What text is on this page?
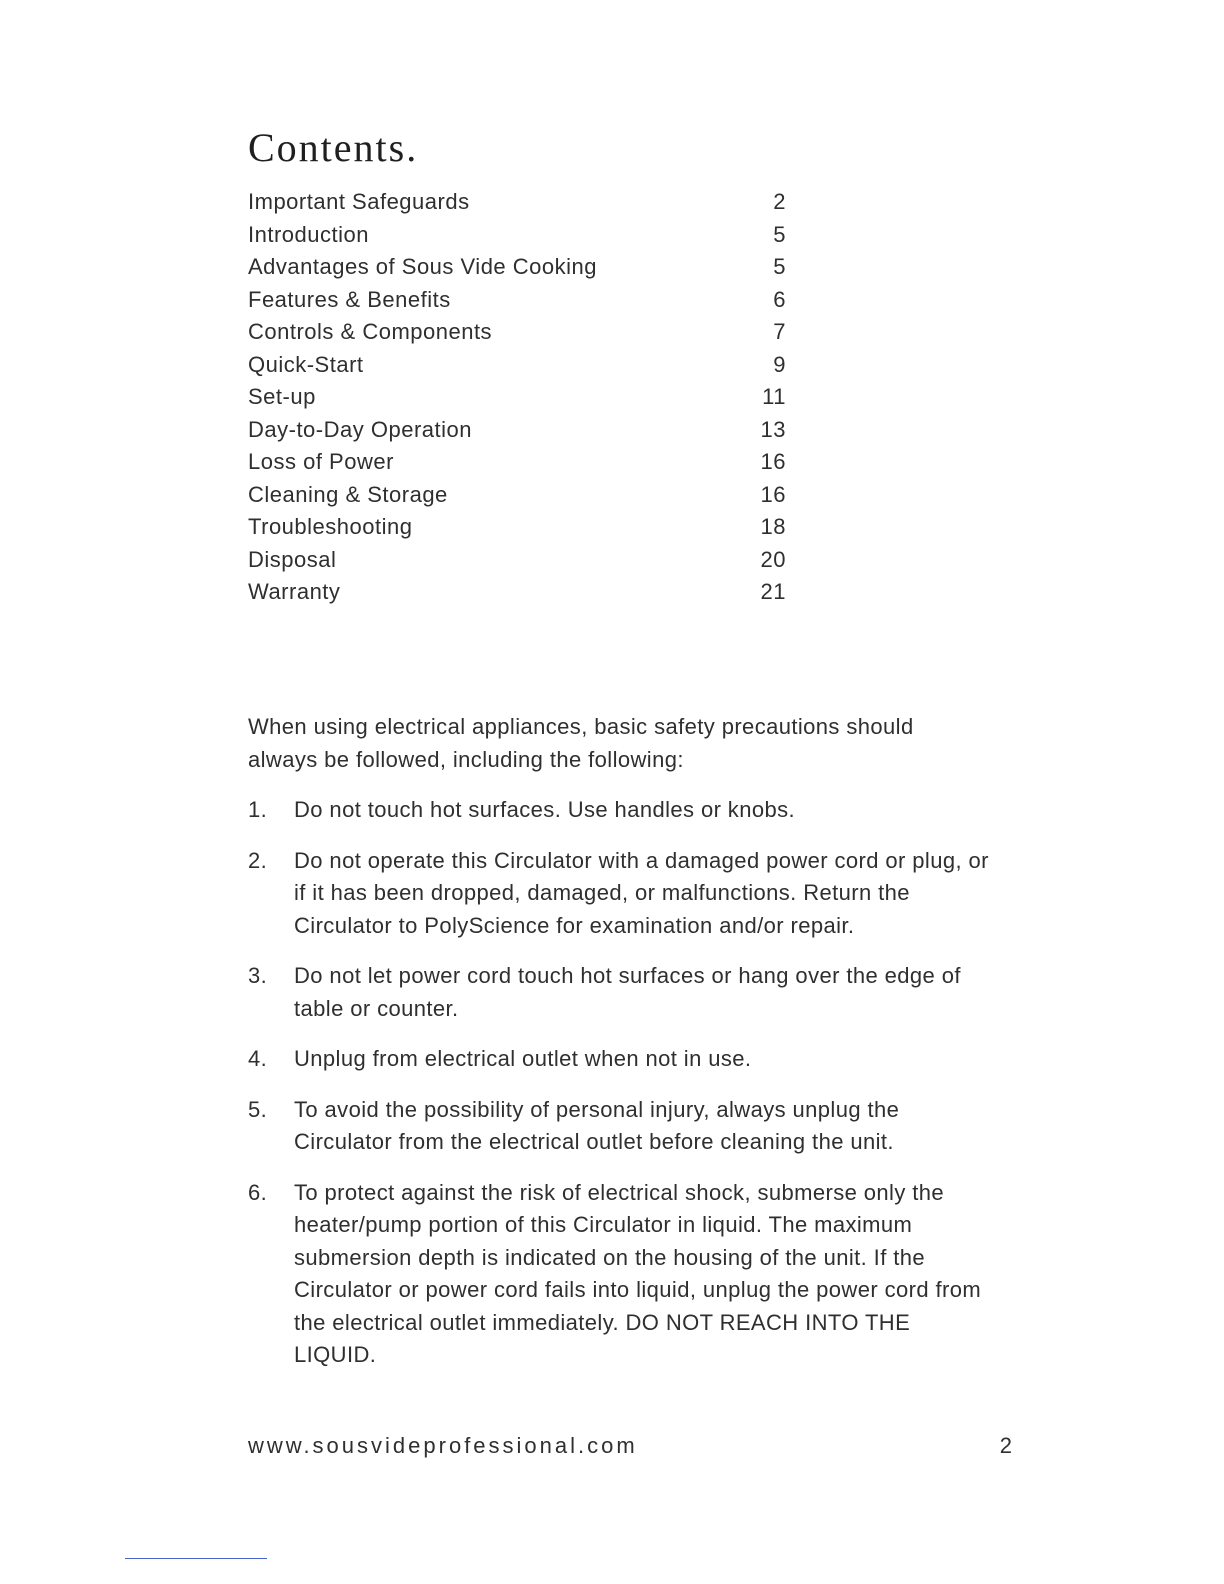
Contents.
Important Safeguards	2
Introduction	5
Advantages of Sous Vide Cooking	5
Features & Benefits	6
Controls & Components	7
Quick-Start	9
Set-up	11
Day-to-Day Operation	13
Loss of Power	16
Cleaning & Storage	16
Troubleshooting	18
Disposal	20
Warranty	21

When using electrical appliances, basic safety precautions should always be followed, including the following:

1.	Do not touch hot surfaces. Use handles or knobs.
2.	Do not operate this Circulator with a damaged power cord or plug, or if it has been dropped, damaged, or malfunctions. Return the Circulator to PolyScience for examination and/or repair.
3.	Do not let power cord touch hot surfaces or hang over the edge of table or counter.
4.	Unplug from electrical outlet when not in use.
5.	To avoid the possibility of personal injury, always unplug the Circulator from the electrical outlet before cleaning the unit.
6.	To protect against the risk of electrical shock, submerse only the heater/pump portion of this Circulator in liquid. The maximum submersion depth is indicated on the housing of the unit. If the Circulator or power cord fails into liquid, unplug the power cord from the electrical outlet immediately. DO NOT REACH INTO THE LIQUID.
www.sousvideprofessional.com	2
